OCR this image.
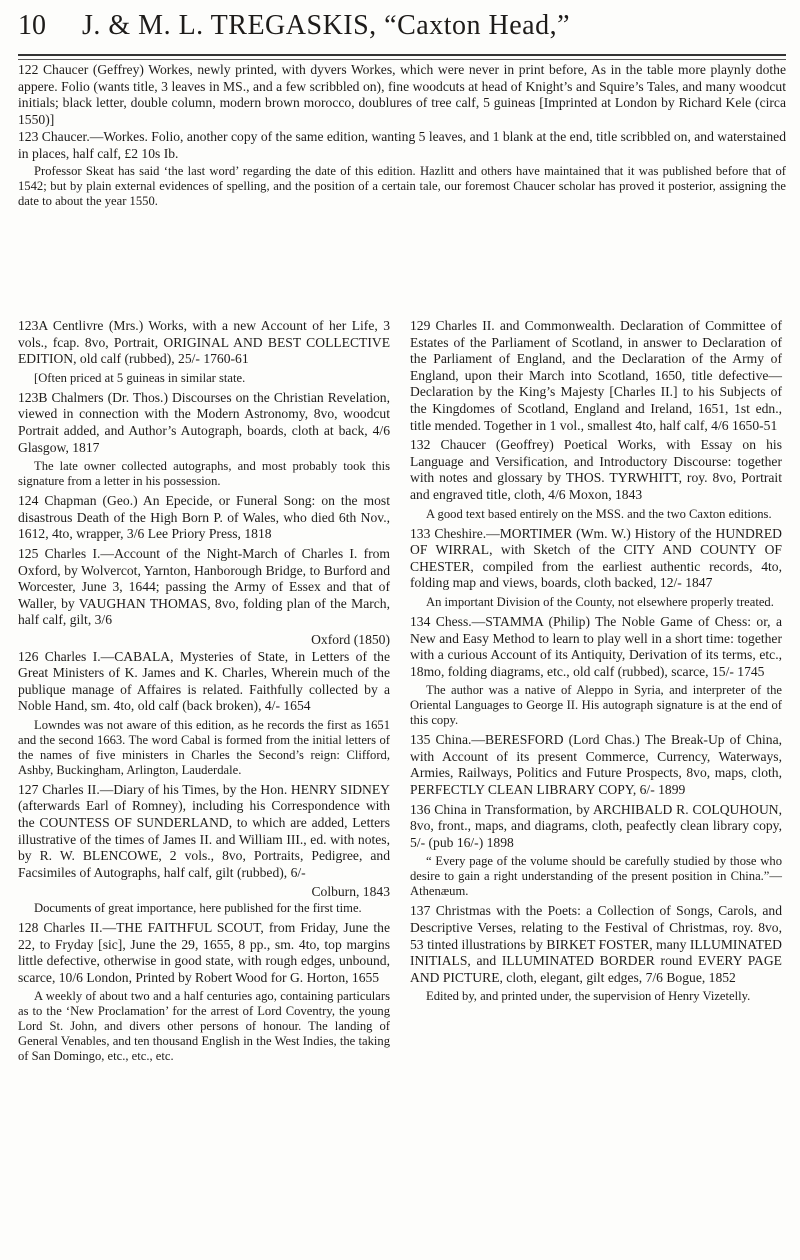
10 J. & M. L. TREGASKIS, “Caxton Head,”

122 Chaucer (Geffrey) Workes, newly printed, with dyvers Workes, which were never in print before, As in the table more playnly dothe appere. Folio (wants title, 3 leaves in MS., and a few scribbled on), fine woodcuts at head of Knight’s and Squire’s Tales, and many woodcut initials; black letter, double column, modern brown morocco, doublures of tree calf, 5 guineas [Imprinted at London by Richard Kele (circa 1550)]

123 Chaucer.—Workes. Folio, another copy of the same edition, wanting 5 leaves, and 1 blank at the end, title scribbled on, and waterstained in places, half calf, £2 10s Ib.

Professor Skeat has said ‘the last word’ regarding the date of this edition. Hazlitt and others have maintained that it was published before that of 1542; but by plain external evidences of spelling, and the position of a certain tale, our foremost Chaucer scholar has proved it posterior, assigning the date to about the year 1550.

123A Centlivre (Mrs.) Works, with a new Account of her Life, 3 vols., fcap. 8vo, Portrait, ORIGINAL AND BEST COLLECTIVE EDITION, old calf (rubbed), 25/- 1760-61

[Often priced at 5 guineas in similar state.

123B Chalmers (Dr. Thos.) Discourses on the Christian Revelation, viewed in connection with the Modern Astronomy, 8vo, woodcut Portrait added, and Author’s Autograph, boards, cloth at back, 4/6 Glasgow, 1817

The late owner collected autographs, and most probably took this signature from a letter in his possession.

124 Chapman (Geo.) An Epecide, or Funeral Song: on the most disastrous Death of the High Born P. of Wales, who died 6th Nov., 1612, 4to, wrapper, 3/6 Lee Priory Press, 1818

125 Charles I.—Account of the Night-March of Charles I. from Oxford, by Wolvercot, Yarnton, Hanborough Bridge, to Burford and Worcester, June 3, 1644; passing the Army of Essex and that of Waller, by VAUGHAN THOMAS, 8vo, folding plan of the March, half calf, gilt, 3/6

Oxford (1850)

126 Charles I.—CABALA, Mysteries of State, in Letters of the Great Ministers of K. James and K. Charles, Wherein much of the publique manage of Affaires is related. Faithfully collected by a Noble Hand, sm. 4to, old calf (back broken), 4/- 1654

Lowndes was not aware of this edition, as he records the first as 1651 and the second 1663. The word Cabal is formed from the initial letters of the names of five ministers in Charles the Second’s reign: Clifford, Ashby, Buckingham, Arlington, Lauderdale.

127 Charles II.—Diary of his Times, by the Hon. HENRY SIDNEY (afterwards Earl of Romney), including his Correspondence with the COUNTESS OF SUNDERLAND, to which are added, Letters illustrative of the times of James II. and William III., ed. with notes, by R. W. BLENCOWE, 2 vols., 8vo, Portraits, Pedigree, and Facsimiles of Autographs, half calf, gilt (rubbed), 6/-

Colburn, 1843

Documents of great importance, here published for the first time.

128 Charles II.—THE FAITHFUL SCOUT, from Friday, June the 22, to Fryday [sic], June the 29, 1655, 8 pp., sm. 4to, top margins little defective, otherwise in good state, with rough edges, unbound, scarce, 10/6 London, Printed by Robert Wood for G. Horton, 1655

A weekly of about two and a half centuries ago, containing particulars as to the ‘New Proclamation’ for the arrest of Lord Coventry, the young Lord St. John, and divers other persons of honour. The landing of General Venables, and ten thousand English in the West Indies, the taking of San Domingo, etc., etc., etc.

129 Charles II. and Commonwealth. Declaration of Committee of Estates of the Parliament of Scotland, in answer to Declaration of the Parliament of England, and the Declaration of the Army of England, upon their March into Scotland, 1650, title defective—Declaration by the King’s Majesty [Charles II.] to his Subjects of the Kingdomes of Scotland, England and Ireland, 1651, 1st edn., title mended. Together in 1 vol., smallest 4to, half calf, 4/6 1650-51

132 Chaucer (Geoffrey) Poetical Works, with Essay on his Language and Versification, and Introductory Discourse: together with notes and glossary by THOS. TYRWHITT, roy. 8vo, Portrait and engraved title, cloth, 4/6 Moxon, 1843

A good text based entirely on the MSS. and the two Caxton editions.

133 Cheshire.—MORTIMER (Wm. W.) History of the HUNDRED OF WIRRAL, with Sketch of the CITY AND COUNTY OF CHESTER, compiled from the earliest authentic records, 4to, folding map and views, boards, cloth backed, 12/- 1847

An important Division of the County, not elsewhere properly treated.

134 Chess.—STAMMA (Philip) The Noble Game of Chess: or, a New and Easy Method to learn to play well in a short time: together with a curious Account of its Antiquity, Derivation of its terms, etc., 18mo, folding diagrams, etc., old calf (rubbed), scarce, 15/- 1745

The author was a native of Aleppo in Syria, and interpreter of the Oriental Languages to George II. His autograph signature is at the end of this copy.

135 China.—BERESFORD (Lord Chas.) The Break-Up of China, with Account of its present Commerce, Currency, Waterways, Armies, Railways, Politics and Future Prospects, 8vo, maps, cloth, PERFECTLY CLEAN LIBRARY COPY, 6/- 1899

136 China in Transformation, by ARCHIBALD R. COLQUHOUN, 8vo, front., maps, and diagrams, cloth, peafectly clean library copy, 5/- (pub 16/-) 1898

“ Every page of the volume should be carefully studied by those who desire to gain a right understanding of the present position in China.”—Athenæum.

137 Christmas with the Poets: a Collection of Songs, Carols, and Descriptive Verses, relating to the Festival of Christmas, roy. 8vo, 53 tinted illustrations by BIRKET FOSTER, many ILLUMINATED INITIALS, and ILLUMINATED BORDER round EVERY PAGE AND PICTURE, cloth, elegant, gilt edges, 7/6 Bogue, 1852

Edited by, and printed under, the supervision of Henry Vizetelly.
